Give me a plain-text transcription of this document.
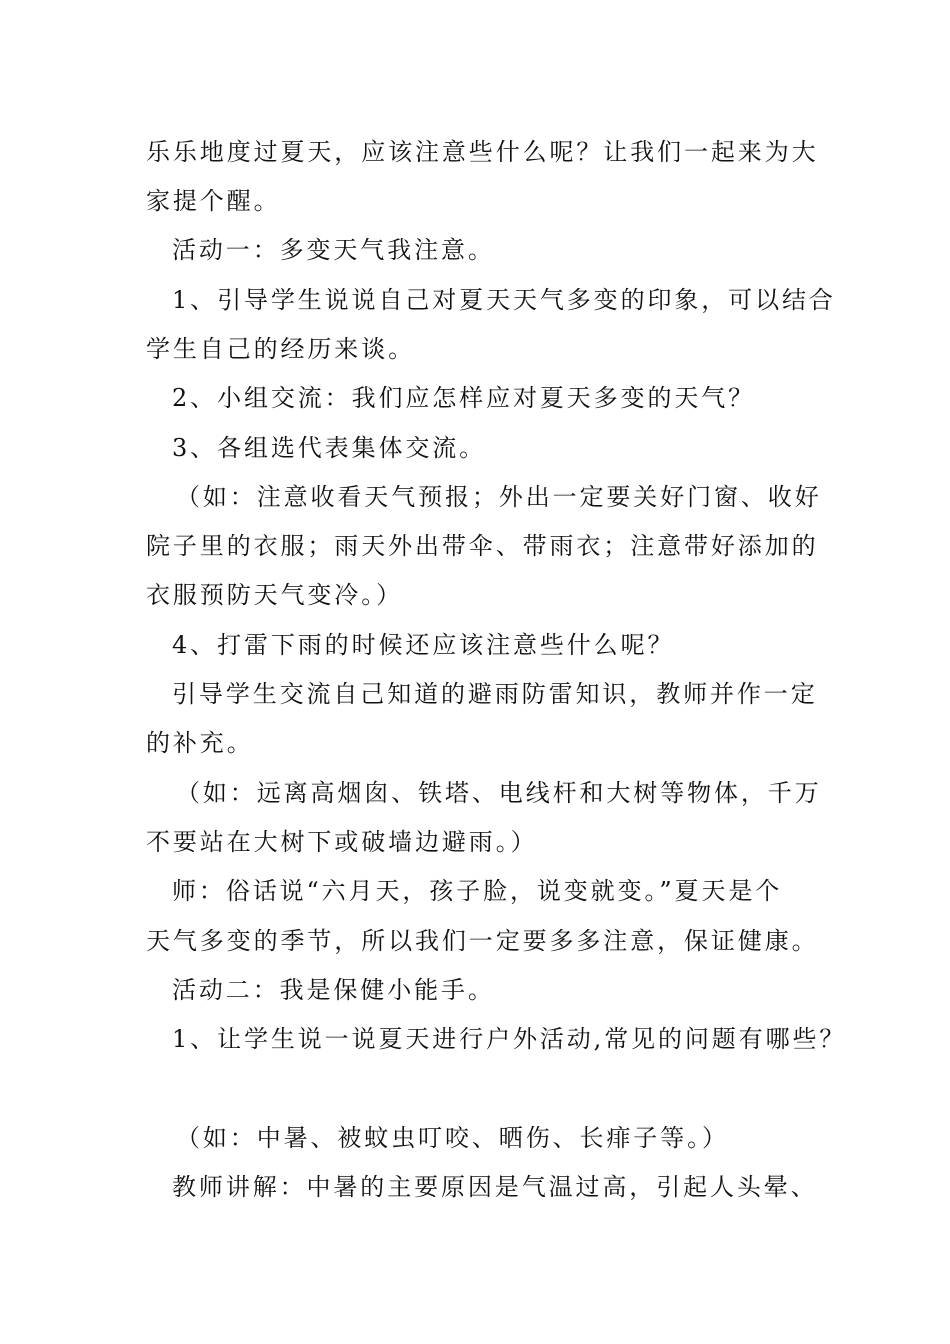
乐乐地度过夏天，应该注意些什么呢？让我们一起来为大
家提个醒。
活动一：多变天气我注意。
1、引导学生说说自己对夏天天气多变的印象，可以结合
学生自己的经历来谈。
2、小组交流：我们应怎样应对夏天多变的天气？
3、各组选代表集体交流。
（如：注意收看天气预报；外出一定要关好门窗、收好
院子里的衣服；雨天外出带伞、带雨衣；注意带好添加的
衣服预防天气变冷。）
4、打雷下雨的时候还应该注意些什么呢？
引导学生交流自己知道的避雨防雷知识，教师并作一定
的补充。
（如：远离高烟囱、铁塔、电线杆和大树等物体，千万
不要站在大树下或破墙边避雨。）
师：俗话说“六月天，孩子脸，说变就变。”夏天是个
天气多变的季节，所以我们一定要多多注意，保证健康。
活动二：我是保健小能手。
1、让学生说一说夏天进行户外活动,常见的问题有哪些？
（如：中暑、被蚊虫叮咬、晒伤、长痱子等。）
教师讲解：中暑的主要原因是气温过高，引起人头晕、
